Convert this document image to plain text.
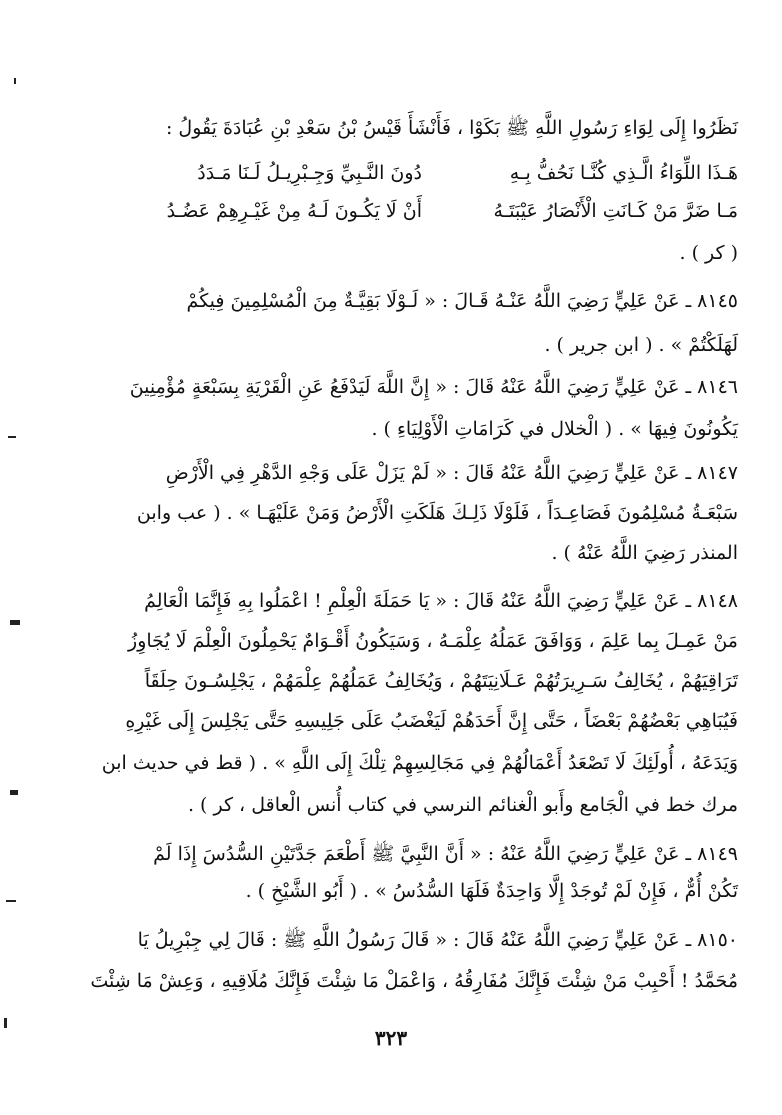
نَظَرُوا إِلَى لِوَاءِ رَسُولِ اللَّهِ ﷺ بَكَوْا ، فَأَنْشَأَ قَيْسُ بْنُ سَعْدِ بْنِ عُبَادَةَ يَقُولُ :
هَـذَا اللِّوَاءُ الَّـذِي كُنَّـا نَحُفُّ بِـهِ
دُونَ النَّـبِيِّ وَجِـبْرِيـلُ لَـنَا مَـدَدُ
مَـا ضَرَّ مَنْ كَـانَتِ الْأَنْصَارُ عَيْبَتَـهُ
أَنْ لَا يَكُـونَ لَـهُ مِنْ غَيْـرِهِمْ عَضُـدُ
( كر ) .
٨١٤٥ ـ عَنْ عَلِيٍّ رَضِيَ اللَّهُ عَنْـهُ قَـالَ : « لَـوْلَا بَقِيَّـةٌ مِنَ الْمُسْلِمِينَ فِيكُمْ
لَهَلَكْتُمْ » . ( ابن جرير ) .
٨١٤٦ ـ عَنْ عَلِيٍّ رَضِيَ اللَّهُ عَنْهُ قَالَ : « إِنَّ اللَّهَ لَيَدْفَعُ عَنِ الْقَرْيَةِ بِسَبْعَةٍ مُؤْمِنِينَ
يَكُونُونَ فِيهَا » . ( الْخلال في كَرَامَاتِ الْأَوْلِيَاءِ ) .
٨١٤٧ ـ عَنْ عَلِيٍّ رَضِيَ اللَّهُ عَنْهُ قَالَ : « لَمْ يَزَلْ عَلَى وَجْهِ الدَّهْرِ فِي الْأَرْضِ
سَبْعَـةُ مُسْلِمُونَ فَصَاعِـدَاً ، فَلَوْلَا ذَلِـكَ هَلَكَتِ الْأَرْضُ وَمَنْ عَلَيْهَـا » . ( عب وابن
المنذر رَضِيَ اللَّهُ عَنْهُ ) .
٨١٤٨ ـ عَنْ عَلِيٍّ رَضِيَ اللَّهُ عَنْهُ قَالَ : « يَا حَمَلَةَ الْعِلْمِ ! اعْمَلُوا بِهِ فَإِنَّمَا الْعَالِمُ
مَنْ عَمِـلَ بِما عَلِمَ ، وَوَافَقَ عَمَلُهُ عِلْمَـهُ ، وَسَيَكُونُ أَقْـوَامٌ يَحْمِلُونَ الْعِلْمَ لَا يُجَاوِزُ
تَرَاقِيَهُمْ ، يُخَالِفُ سَـرِيرَتُهُمْ عَـلَانِيَتَهُمْ ، وَيُخَالِفُ عَمَلُهُمْ عِلْمَهُمْ ، يَجْلِسُـونَ حِلَقَاً
فَيُبَاهِي بَعْضُهُمْ بَعْضَاً ، حَتَّى إِنَّ أَحَدَهُمْ لَيَغْضَبُ عَلَى جَلِيسِهِ حَتَّى يَجْلِسَ إِلَى غَيْرِهِ
وَيَدَعَهُ ، أُولَئِكَ لَا تَصْعَدُ أَعْمَالُهُمْ فِي مَجَالِسِهِمْ تِلْكَ إِلَى اللَّهِ » . ( قط في حديث ابن
مرك خط في الْجَامع وأَبو الْغنائم النرسي في كتاب أُنس الْعاقل ، كر ) .
٨١٤٩ ـ عَنْ عَلِيٍّ رَضِيَ اللَّهُ عَنْهُ : « أَنَّ النَّبِيَّ ﷺ أَطْعَمَ جَدَّتَيْنِ السُّدُسَ إِذَا لَمْ
تَكُنْ أُمٌّ ، فَإِنْ لَمْ تُوجَدْ إِلَّا وَاحِدَةٌ فَلَهَا السُّدُسُ » . ( أَبُو الشَّيْخِ ) .
٨١٥٠ ـ عَنْ عَلِيٍّ رَضِيَ اللَّهُ عَنْهُ قَالَ : « قَالَ رَسُولُ اللَّهِ ﷺ : قَالَ لِي جِبْرِيلُ يَا
مُحَمَّدُ ! أَحْبِبْ مَنْ شِئْتَ فَإِنَّكَ مُفَارِقُهُ ، وَاعْمَلْ مَا شِئْتَ فَإِنَّكَ مُلَاقِيهِ ، وَعِشْ مَا شِئْتَ
٣٢٣
